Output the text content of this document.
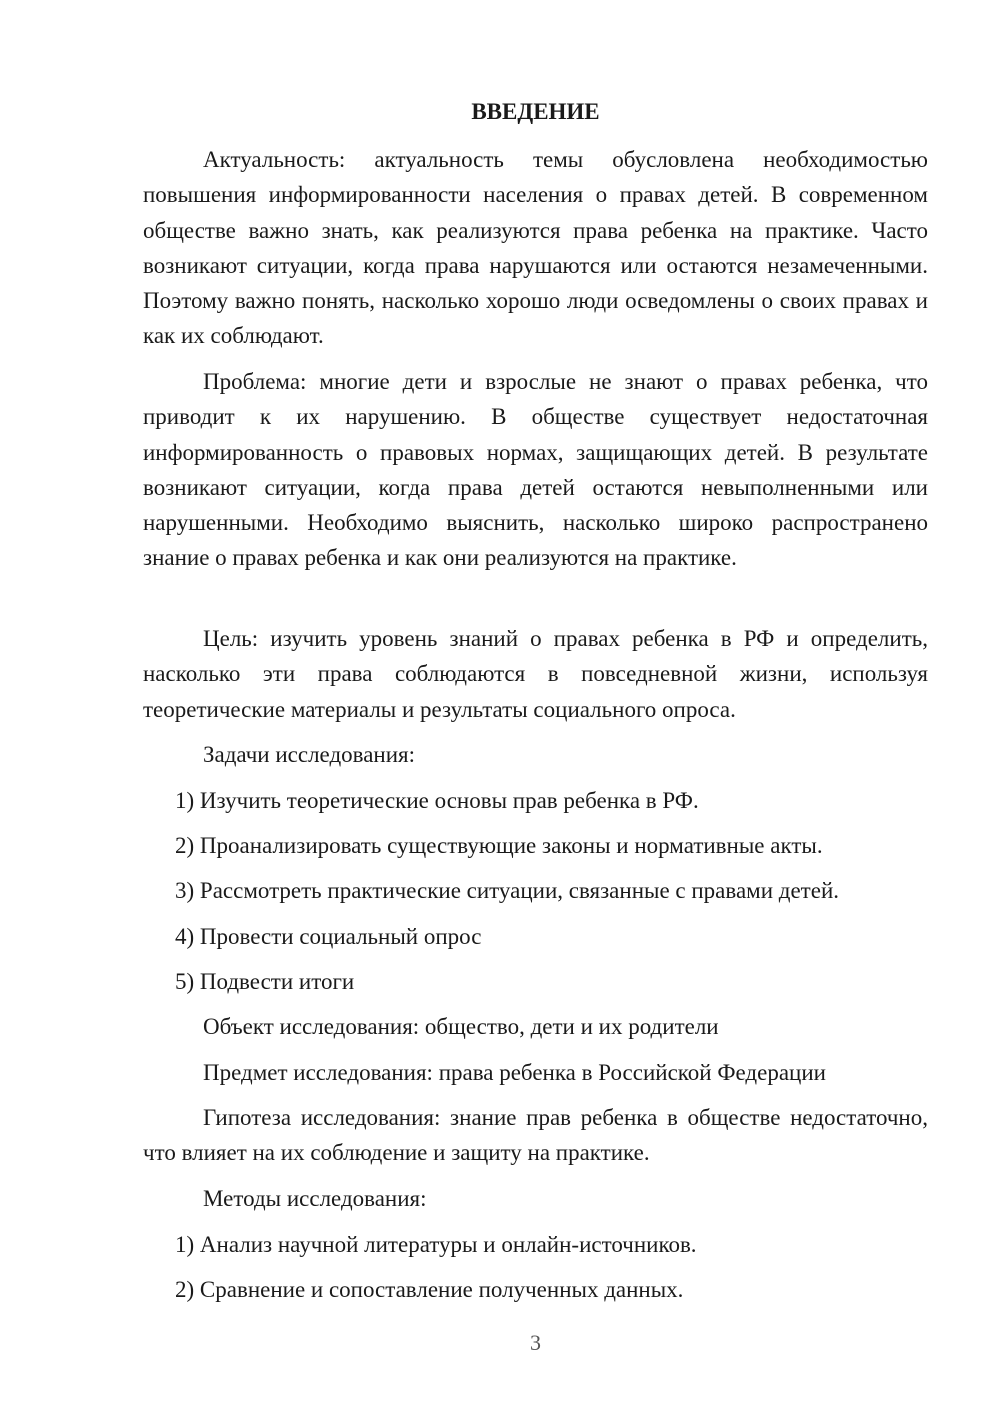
ВВЕДЕНИЕ

Актуальность: актуальность темы обусловлена необходимостью повышения информированности населения о правах детей. В современном обществе важно знать, как реализуются права ребенка на практике. Часто возникают ситуации, когда права нарушаются или остаются незамеченными. Поэтому важно понять, насколько хорошо люди осведомлены о своих правах и как их соблюдают.

Проблема: многие дети и взрослые не знают о правах ребенка, что приводит к их нарушению. В обществе существует недостаточная информированность о правовых нормах, защищающих детей. В результате возникают ситуации, когда права детей остаются невыполненными или нарушенными. Необходимо выяснить, насколько широко распространено знание о правах ребенка и как они реализуются на практике.

Цель: изучить уровень знаний о правах ребенка в РФ и определить, насколько эти права соблюдаются в повседневной жизни, используя теоретические материалы и результаты социального опроса.

Задачи исследования:

1) Изучить теоретические основы прав ребенка в РФ.

2) Проанализировать существующие законы и нормативные акты.

3) Рассмотреть практические ситуации, связанные с правами детей.

4) Провести социальный опрос

5) Подвести итоги

Объект исследования: общество, дети и их родители

Предмет исследования: права ребенка в Российской Федерации

Гипотеза исследования: знание прав ребенка в обществе недостаточно, что влияет на их соблюдение и защиту на практике.

Методы исследования:

1) Анализ научной литературы и онлайн-источников.

2) Сравнение и сопоставление полученных данных.

3
